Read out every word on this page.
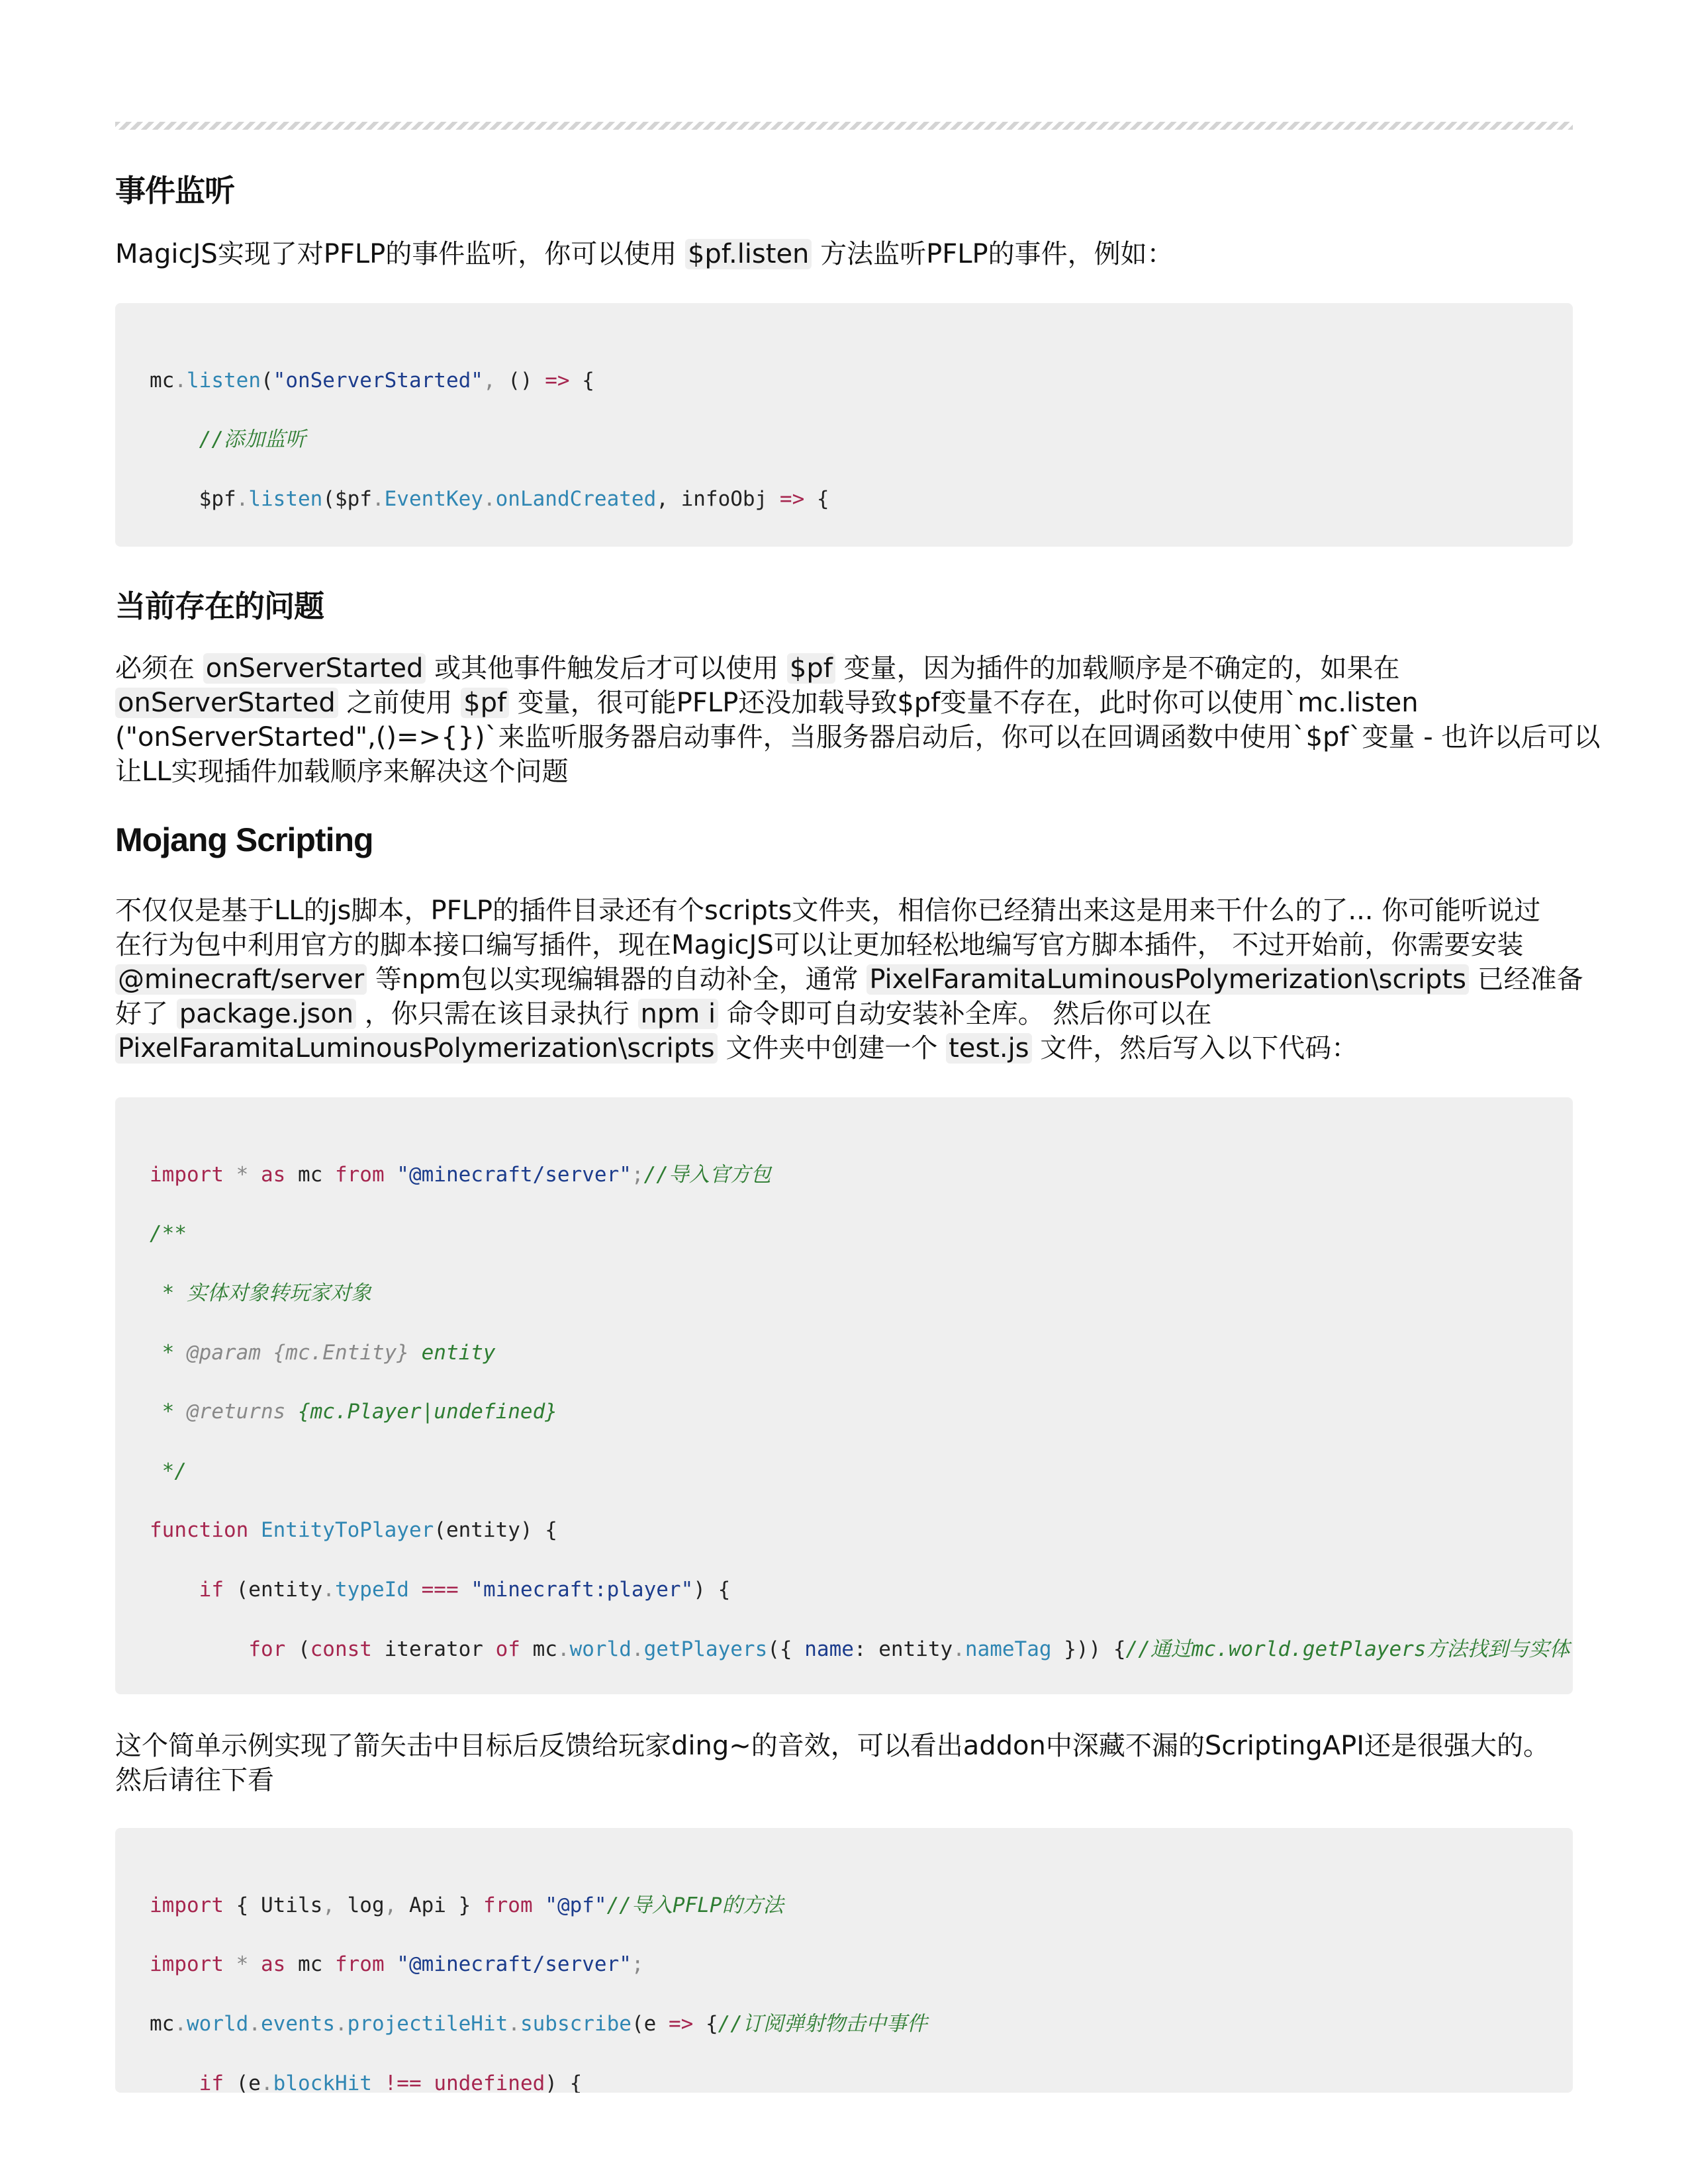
事件监听
MagicJS实现了对PFLP的事件监听，你可以使用 $pf.listen 方法监听PFLP的事件，例如：

mc.listen("onServerStarted", () => {

//添加监听

$pf.listen($pf.EventKey.onLandCreated, infoObj => {

当前存在的问题
必须在 onServerStarted 或其他事件触发后才可以使用 $pf 变量，因为插件的加载顺序是不确定的，如果在
onServerStarted 之前使用 $pf 变量，很可能PFLP还没加载导致$pf变量不存在，此时你可以使用`mc.listen
("onServerStarted",()=>{})`来监听服务器启动事件，当服务器启动后，你可以在回调函数中使用`$pf`变量 - 也许以后可以
让LL实现插件加载顺序来解决这个问题
Mojang Scripting
不仅仅是基于LL的js脚本，PFLP的插件目录还有个scripts文件夹，相信你已经猜出来这是用来干什么的了... 你可能听说过
在行为包中利用官方的脚本接口编写插件，现在MagicJS可以让更加轻松地编写官方脚本插件， 不过开始前，你需要安装
@minecraft/server 等npm包以实现编辑器的自动补全，通常 PixelFaramitaLuminousPolymerization\scripts 已经准备
好了 package.json ，你只需在该目录执行 npm i 命令即可自动安装补全库。 然后你可以在
PixelFaramitaLuminousPolymerization\scripts 文件夹中创建一个 test.js 文件，然后写入以下代码：

import * as mc from "@minecraft/server";//导入官方包

/**

* 实体对象转玩家对象

* @param {mc.Entity} entity

* @returns {mc.Player|undefined}

*/

function EntityToPlayer(entity) {

if (entity.typeId === "minecraft:player") {

for (const iterator of mc.world.getPlayers({ name: entity.nameTag })) {//通过mc.world.getPlayers方法找到与实体

这个简单示例实现了箭矢击中目标后反馈给玩家ding~的音效，可以看出addon中深藏不漏的ScriptingAPI还是很强大的。
然后请往下看

import { Utils, log, Api } from "@pf"//导入PFLP的方法

import * as mc from "@minecraft/server";

mc.world.events.projectileHit.subscribe(e => {//订阅弹射物击中事件

if (e.blockHit !== undefined) {
